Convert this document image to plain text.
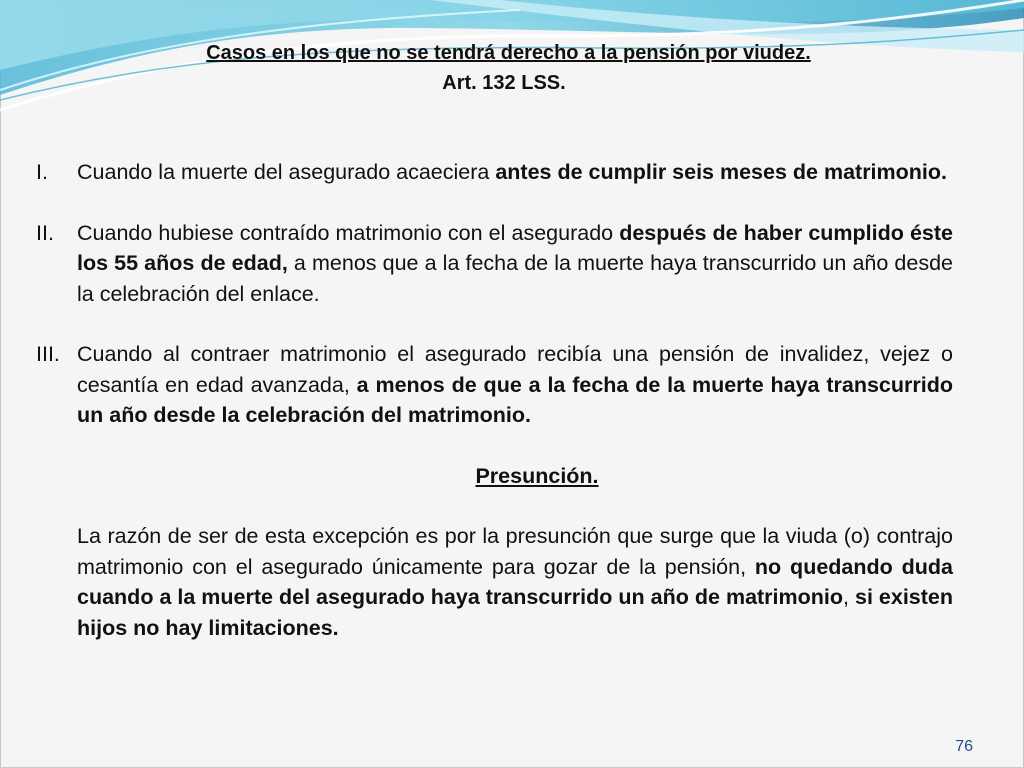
Casos en los que no se tendrá derecho a la pensión por viudez.
Art. 132 LSS.
I.	Cuando la muerte del asegurado acaeciera antes de cumplir seis meses de matrimonio.
II.	Cuando hubiese contraído matrimonio con el asegurado después de haber cumplido éste los 55 años de edad, a menos que a la fecha de la muerte haya transcurrido un año desde la celebración del enlace.
III. Cuando al contraer matrimonio el asegurado recibía una pensión de invalidez, vejez o cesantía en edad avanzada, a menos de que a la fecha de la muerte haya transcurrido un año desde la celebración del matrimonio.
Presunción.
La razón de ser de esta excepción es por la presunción que surge que la viuda (o) contrajo matrimonio con el asegurado únicamente para gozar de la pensión, no quedando duda cuando a la muerte del asegurado haya transcurrido un año de matrimonio, si existen hijos no hay limitaciones.
76
